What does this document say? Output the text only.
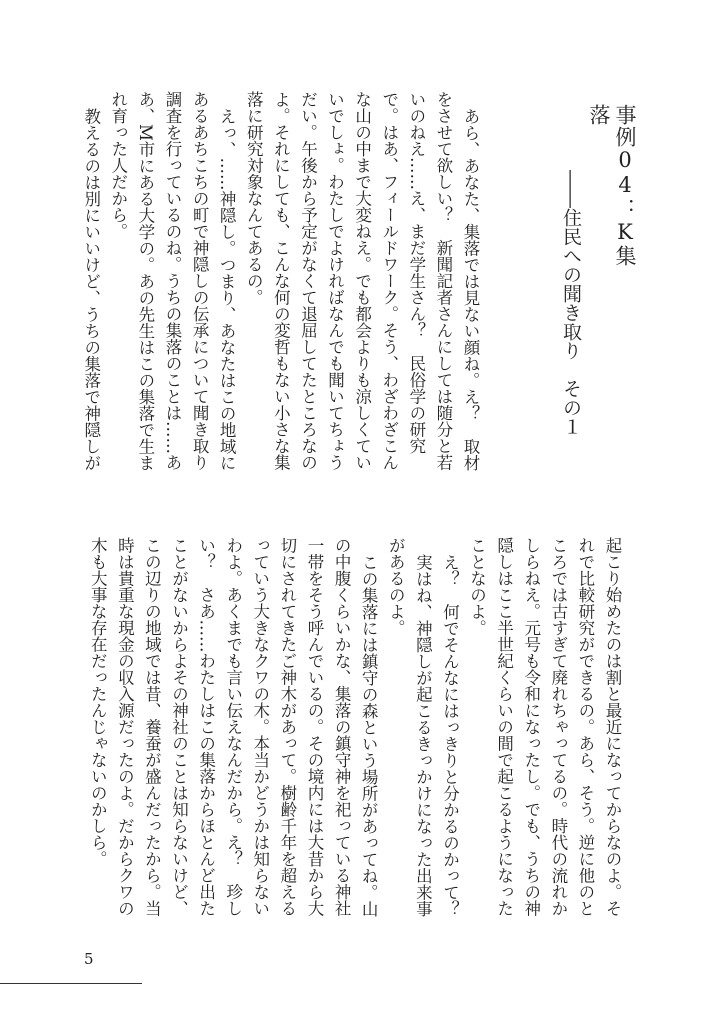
事例04：K集落
――住民への聞き取り　その１

あら、あなた、集落では見ない顔ね。え？　取材をさせて欲しい？　新聞記者さんにしては随分と若いのねえ……え、まだ学生さん？　民俗学の研究で。はあ、フィールドワーク。そう、わざわざこんな山の中まで大変ねえ。でも都会よりも涼しくていいでしょ。わたしでよければなんでも聞いてちょうだい。午後から予定がなくて退屈してたところなのよ。それにしても、こんな何の変哲もない小さな集落に研究対象なんてあるの。

えっ、……神隠し。つまり、あなたはこの地域にあるあちこちの町で神隠しの伝承について聞き取り調査を行っているのね。うちの集落のことは……ああ、M市にある大学の。あの先生はこの集落で生まれ育った人だから。

教えるのは別にいいけど、うちの集落で神隠しが

起こり始めたのは割と最近になってからなのよ。それで比較研究ができるの。あら、そう。逆に他のところでは古すぎて廃れちゃってるの。時代の流れかしらねえ。元号も令和になったし。でも、うちの神隠しはここ半世紀くらいの間で起こるようになったことなのよ。

え？　何でそんなにはっきりと分かるのかって？

実はね、神隠しが起こるきっかけになった出来事があるのよ。

この集落には鎮守の森という場所があってね。山の中腹くらいかな、集落の鎮守神を祀っている神社一帯をそう呼んでいるの。その境内には大昔から大切にされてきたご神木があって。樹齢千年を超えるっていう大きなクワの木。本当かどうかは知らないわよ。あくまでも言い伝えなんだから。え？　珍しい？　さあ……わたしはこの集落からほとんど出たことがないからよその神社のことは知らないけど、この辺りの地域では昔、養蚕が盛んだったから。当時は貴重な現金の収入源だったのよ。だからクワの木も大事な存在だったんじゃないのかしら。

5
